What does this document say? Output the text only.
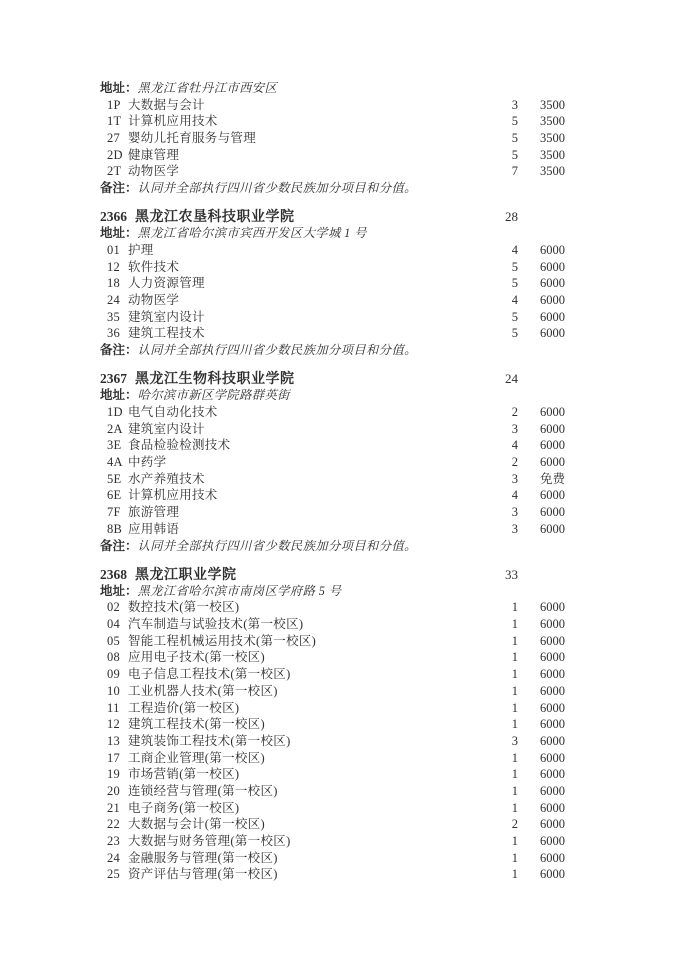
地址：黑龙江省牡丹江市西安区
1P 大数据与会计	3	3500
1T 计算机应用技术	5	3500
27 婴幼儿托育服务与管理	5	3500
2D 健康管理	5	3500
2T 动物医学	7	3500
备注：认同并全部执行四川省少数民族加分项目和分值。
2366 黑龙江农垦科技职业学院	28
地址：黑龙江省哈尔滨市宾西开发区大学城 1 号
01 护理	4	6000
12 软件技术	5	6000
18 人力资源管理	5	6000
24 动物医学	4	6000
35 建筑室内设计	5	6000
36 建筑工程技术	5	6000
备注：认同并全部执行四川省少数民族加分项目和分值。
2367 黑龙江生物科技职业学院	24
地址：哈尔滨市新区学院路群英街
1D 电气自动化技术	2	6000
2A 建筑室内设计	3	6000
3E 食品检验检测技术	4	6000
4A 中药学	2	6000
5E 水产养殖技术	3	免费
6E 计算机应用技术	4	6000
7F 旅游管理	3	6000
8B 应用韩语	3	6000
备注：认同并全部执行四川省少数民族加分项目和分值。
2368 黑龙江职业学院	33
地址：黑龙江省哈尔滨市南岗区学府路 5 号
02 数控技术(第一校区)	1	6000
04 汽车制造与试验技术(第一校区)	1	6000
05 智能工程机械运用技术(第一校区)	1	6000
08 应用电子技术(第一校区)	1	6000
09 电子信息工程技术(第一校区)	1	6000
10 工业机器人技术(第一校区)	1	6000
11 工程造价(第一校区)	1	6000
12 建筑工程技术(第一校区)	1	6000
13 建筑装饰工程技术(第一校区)	3	6000
17 工商企业管理(第一校区)	1	6000
19 市场营销(第一校区)	1	6000
20 连锁经营与管理(第一校区)	1	6000
21 电子商务(第一校区)	1	6000
22 大数据与会计(第一校区)	2	6000
23 大数据与财务管理(第一校区)	1	6000
24 金融服务与管理(第一校区)	1	6000
25 资产评估与管理(第一校区)	1	6000
